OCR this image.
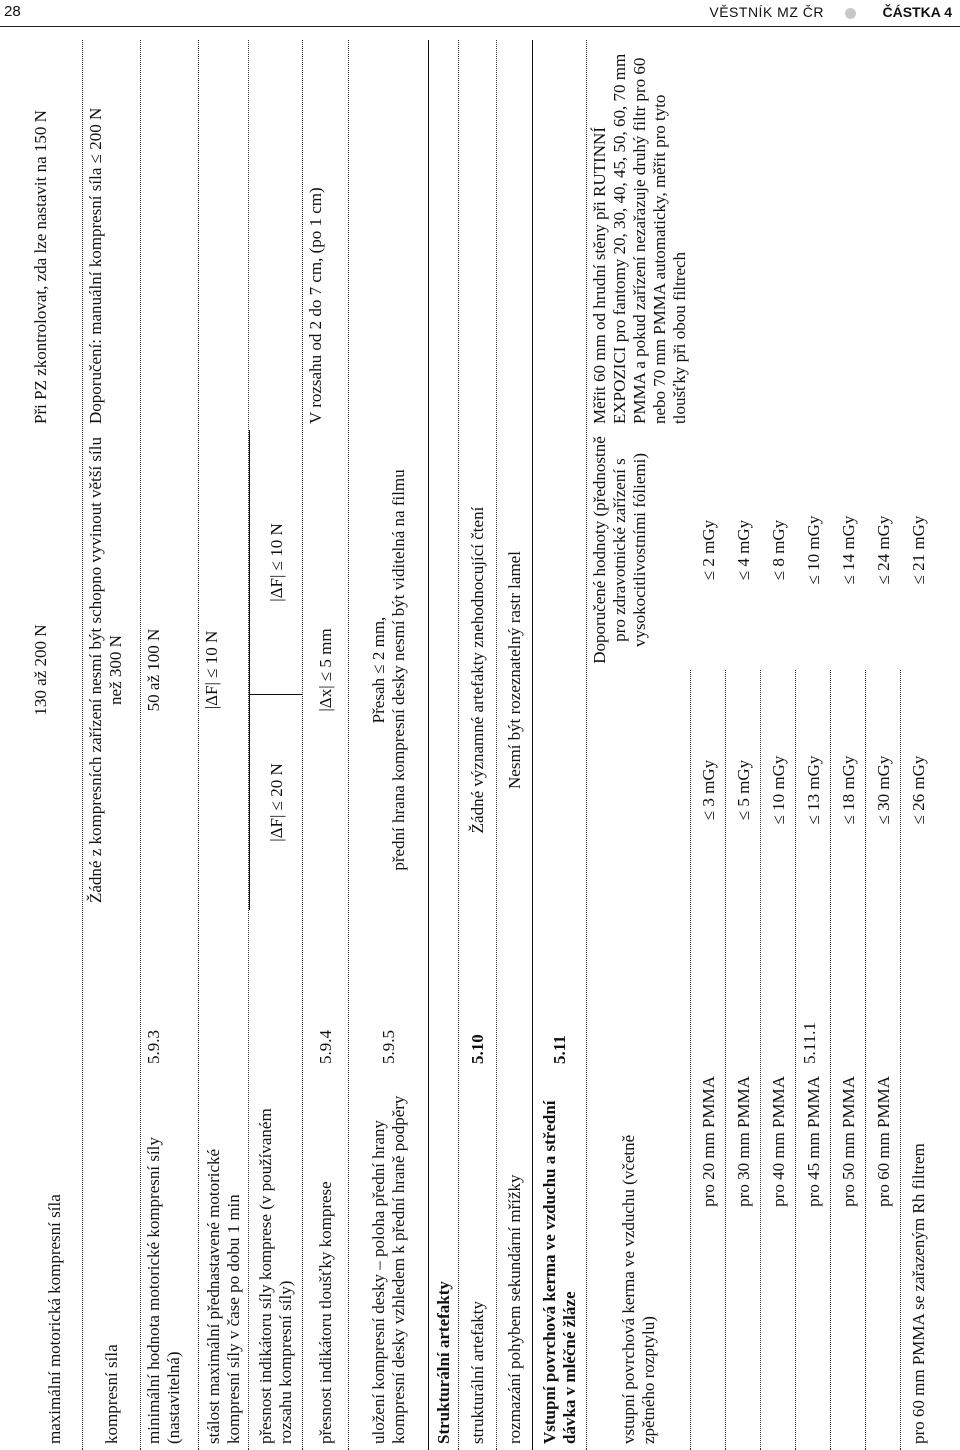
28	VĚSTNÍK MZ ČR	ČÁSTKA 4
maximální motorická kompresní síla
130 až 200 N
Při PZ zkontrolovat, zda lze nastavit na 150 N
kompresní síla
Žádné z kompresních zařízení nesmí být schopno vyvinout větší sílu než 300 N
Doporučení: manuální kompresní síla ≤ 200 N
minimální hodnota motorické kompresní síly (nastavitelná)
5.9.3
50 až 100 N
stálost maximální přednastavené motorické kompresní síly v čase po dobu 1 min
|ΔF| ≤ 10 N
přesnost indikátoru síly komprese (v používaném rozsahu kompresní síly)
|ΔF| ≤ 20 N
|ΔF| ≤ 10 N
přesnost indikátoru tloušťky komprese
5.9.4
|Δx| ≤ 5 mm
V rozsahu od 2 do 7 cm, (po 1 cm)
uložení kompresní desky – poloha přední hrany kompresní desky vzhledem k přední hraně podpěry
5.9.5
Přesah ≤ 2 mm, přední hrana kompresní desky nesmí být viditelná na filmu
Strukturální artefakty strukturální artefakty
5.10
Žádné významné artefakty znehodnocující čtení
rozmazání pohybem sekundární mřížky
Nesmí být rozeznatelný rastr lamel
Vstupní povrchová kerma ve vzduchu a střední dávka v mléčné žláze
5.11
vstupní povrchová kerma ve vzduchu (včetně zpětného rozptylu)
5.11.1
Doporučené hodnoty (přednostně pro zdravotnické zařízení s vysokocitlivostními fóliemi)
Měřit 60 mm od hrudní stěny při RUTINNÍ EXPOZICI pro fantomy 20, 30, 40, 45, 50, 60, 70 mm PMMA a pokud zařízení nezařazuje druhý filtr pro 60 nebo 70 mm PMMA automaticky, měřit pro tyto tloušťky při obou filtrech
pro 20 mm PMMA
≤ 3 mGy
≤ 2 mGy
pro 30 mm PMMA
≤ 5 mGy
≤ 4 mGy
pro 40 mm PMMA
≤ 10 mGy
≤ 8 mGy
pro 45 mm PMMA
≤ 13 mGy
≤ 10 mGy
pro 50 mm PMMA
≤ 18 mGy
≤ 14 mGy
pro 60 mm PMMA
≤ 30 mGy
≤ 24 mGy
pro 60 mm PMMA se zařazeným Rh filtrem
≤ 26 mGy
≤ 21 mGy
